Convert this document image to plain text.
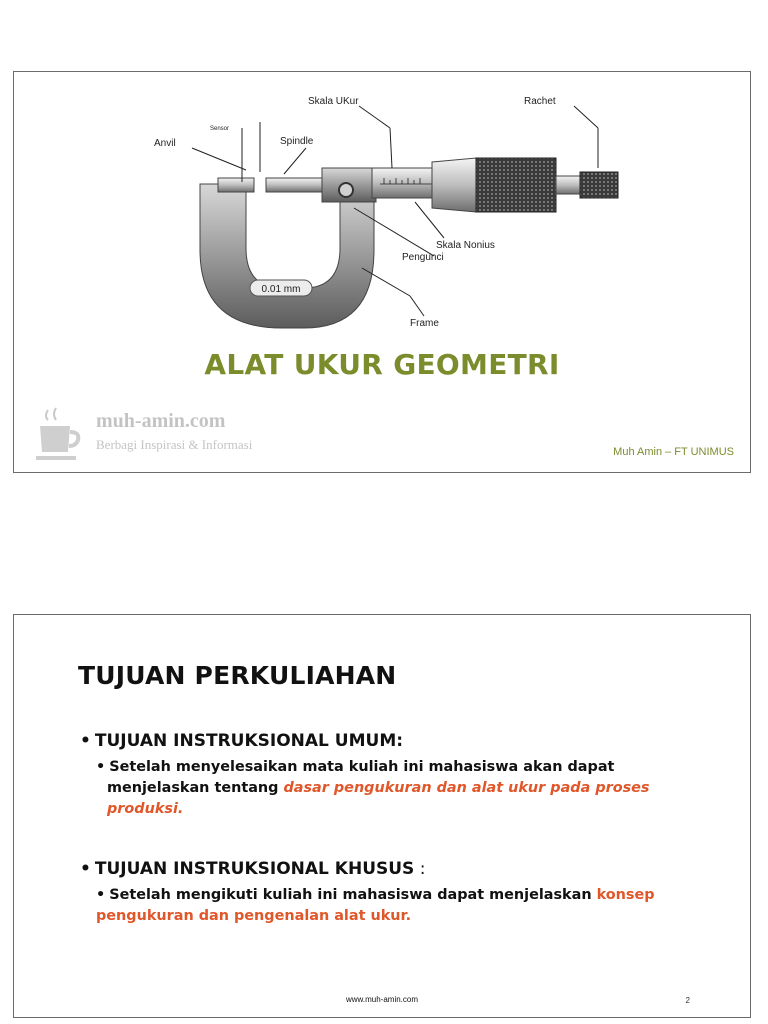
0.01 mm
Anvil
Sensor
Spindle
Skala UKur	Rachet
Skala Nonius
Pengunci
Frame
ALAT UKUR GEOMETRI
muh-amin.com
Berbagi Inspirasi & Informasi	Muh Amin – FT UNIMUS
TUJUAN PERKULIAHAN
• TUJUAN INSTRUKSIONAL UMUM:
• Setelah menyelesaikan mata kuliah ini mahasiswa akan dapat
menjelaskan tentang dasar pengukuran dan alat ukur pada proses produksi.
• TUJUAN INSTRUKSIONAL KHUSUS :
• Setelah mengikuti kuliah ini mahasiswa dapat menjelaskan konsep pengukuran dan pengenalan alat ukur.
www.muh-amin.com	2
